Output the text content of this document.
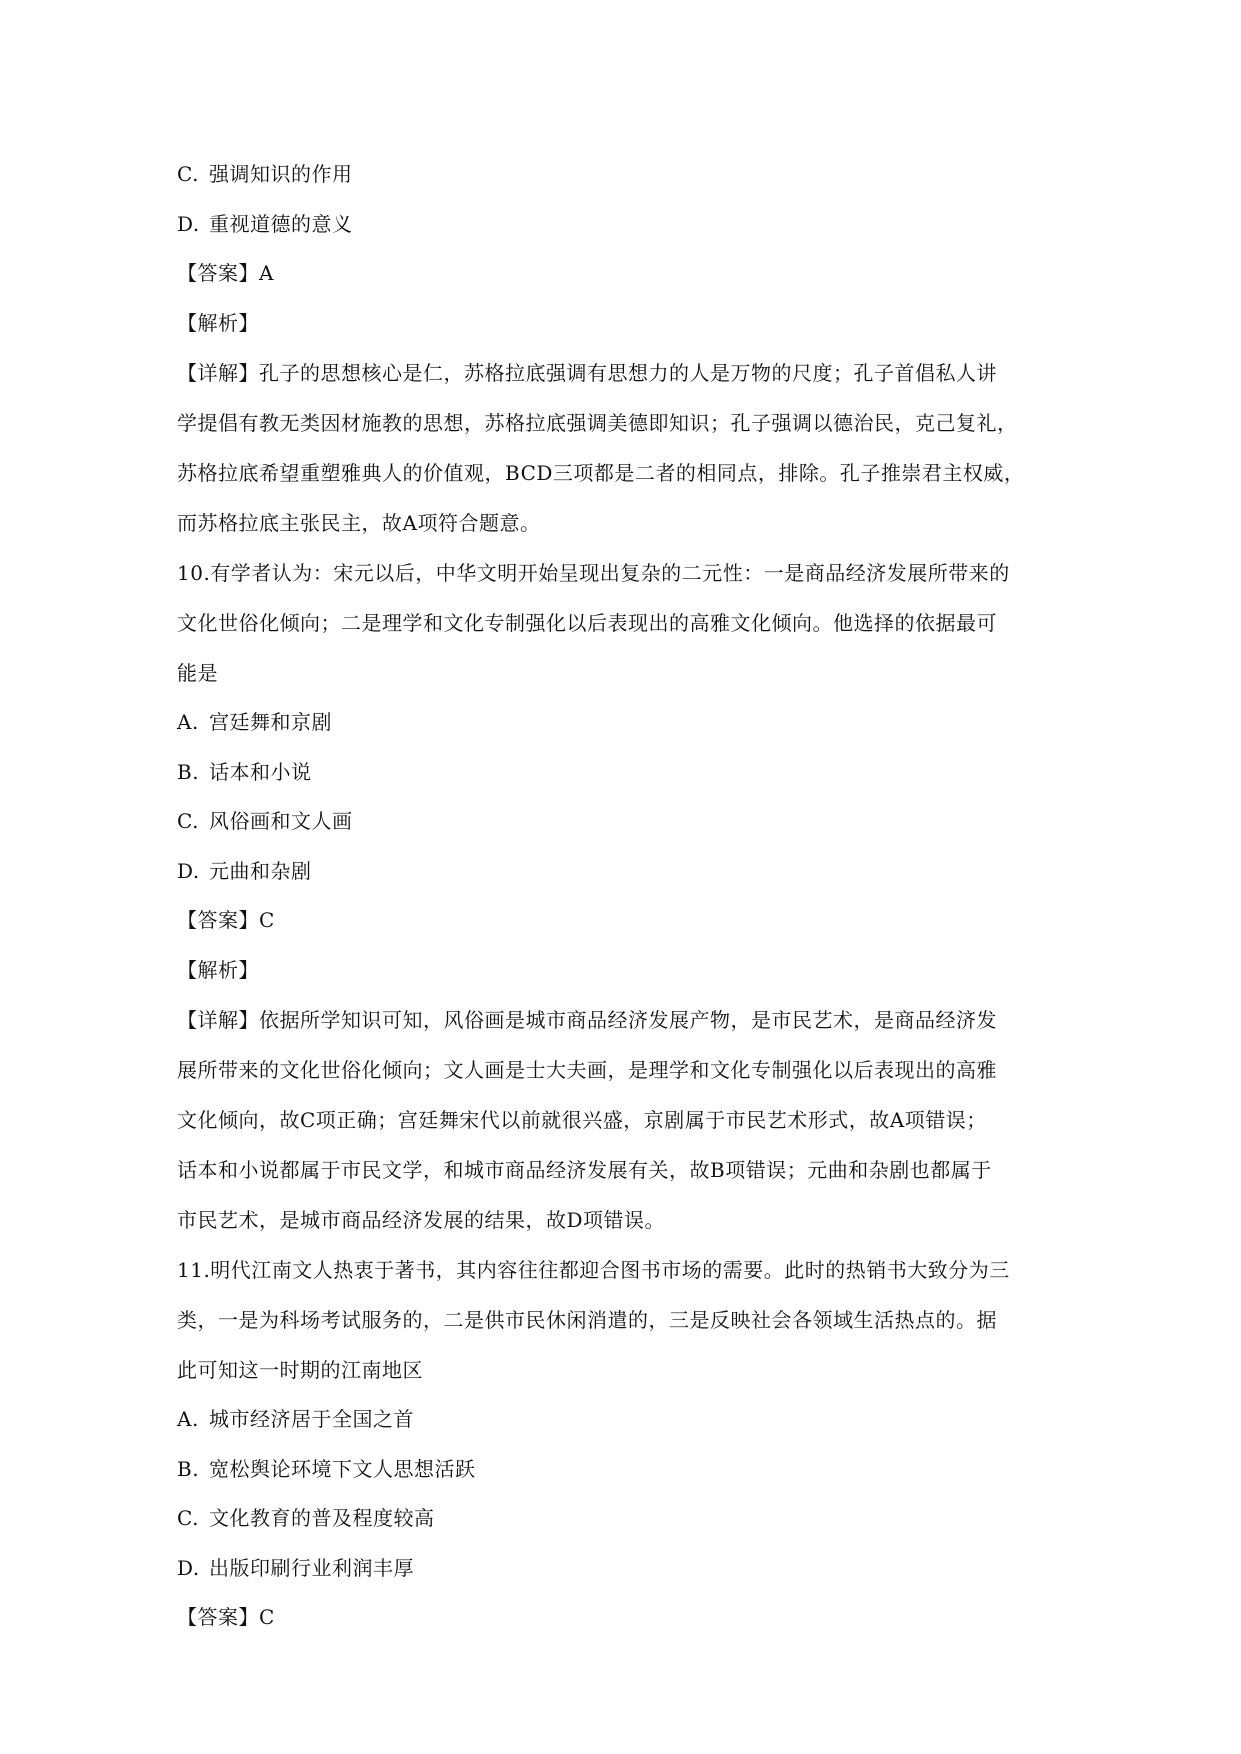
C. 强调知识的作用
D. 重视道德的意义
【答案】A
【解析】
【详解】孔子的思想核心是仁，苏格拉底强调有思想力的人是万物的尺度；孔子首倡私人讲
学提倡有教无类因材施教的思想，苏格拉底强调美德即知识；孔子强调以德治民，克己复礼，
苏格拉底希望重塑雅典人的价值观，BCD三项都是二者的相同点，排除。孔子推崇君主权威，
而苏格拉底主张民主，故A项符合题意。
10.有学者认为：宋元以后，中华文明开始呈现出复杂的二元性：一是商品经济发展所带来的
文化世俗化倾向；二是理学和文化专制强化以后表现出的高雅文化倾向。他选择的依据最可
能是
A. 宫廷舞和京剧
B. 话本和小说
C. 风俗画和文人画
D. 元曲和杂剧
【答案】C
【解析】
【详解】依据所学知识可知，风俗画是城市商品经济发展产物，是市民艺术，是商品经济发
展所带来的文化世俗化倾向；文人画是士大夫画，是理学和文化专制强化以后表现出的高雅
文化倾向，故C项正确；宫廷舞宋代以前就很兴盛，京剧属于市民艺术形式，故A项错误；
话本和小说都属于市民文学，和城市商品经济发展有关，故B项错误；元曲和杂剧也都属于
市民艺术，是城市商品经济发展的结果，故D项错误。
11.明代江南文人热衷于著书，其内容往往都迎合图书市场的需要。此时的热销书大致分为三
类，一是为科场考试服务的，二是供市民休闲消遣的，三是反映社会各领域生活热点的。据
此可知这一时期的江南地区
A. 城市经济居于全国之首
B. 宽松舆论环境下文人思想活跃
C. 文化教育的普及程度较高
D. 出版印刷行业利润丰厚
【答案】C
